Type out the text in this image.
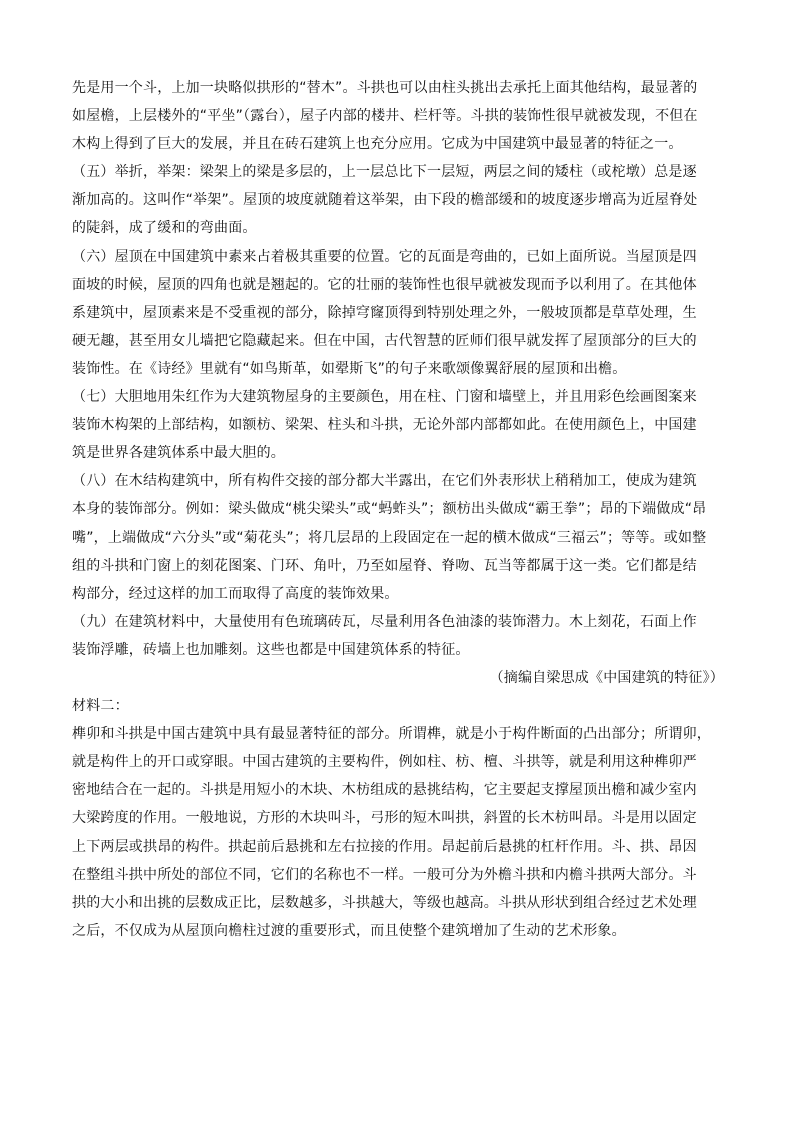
先是用一个斗，上加一块略似拱形的“替木”。斗拱也可以由柱头挑出去承托上面其他结构，最显著的
如屋檐，上层楼外的“平坐”（露台），屋子内部的楼井、栏杆等。斗拱的装饰性很早就被发现，不但在
木构上得到了巨大的发展，并且在砖石建筑上也充分应用。它成为中国建筑中最显著的特征之一。
（五）举折，举架：梁架上的梁是多层的，上一层总比下一层短，两层之间的矮柱（或柁墩）总是逐
渐加高的。这叫作“举架”。屋顶的坡度就随着这举架，由下段的檐部缓和的坡度逐步增高为近屋脊处
的陡斜，成了缓和的弯曲面。
（六）屋顶在中国建筑中素来占着极其重要的位置。它的瓦面是弯曲的，已如上面所说。当屋顶是四
面坡的时候，屋顶的四角也就是翘起的。它的壮丽的装饰性也很早就被发现而予以利用了。在其他体
系建筑中，屋顶素来是不受重视的部分，除掉穹窿顶得到特别处理之外，一般坡顶都是草草处理，生
硬无趣，甚至用女儿墙把它隐藏起来。但在中国，古代智慧的匠师们很早就发挥了屋顶部分的巨大的
装饰性。在《诗经》里就有“如鸟斯革，如翚斯飞”的句子来歌颂像翼舒展的屋顶和出檐。
（七）大胆地用朱红作为大建筑物屋身的主要颜色，用在柱、门窗和墙壁上，并且用彩色绘画图案来
装饰木构架的上部结构，如额枋、梁架、柱头和斗拱，无论外部内部都如此。在使用颜色上，中国建
筑是世界各建筑体系中最大胆的。
（八）在木结构建筑中，所有构件交接的部分都大半露出，在它们外表形状上稍稍加工，使成为建筑
本身的装饰部分。例如：梁头做成“桃尖梁头”或“蚂蚱头”；额枋出头做成“霸王拳”；昂的下端做成“昂
嘴”，上端做成“六分头”或“菊花头”；将几层昂的上段固定在一起的横木做成“三福云”；等等。或如整
组的斗拱和门窗上的刻花图案、门环、角叶，乃至如屋脊、脊吻、瓦当等都属于这一类。它们都是结
构部分，经过这样的加工而取得了高度的装饰效果。
（九）在建筑材料中，大量使用有色琉璃砖瓦，尽量利用各色油漆的装饰潜力。木上刻花，石面上作
装饰浮雕，砖墙上也加雕刻。这些也都是中国建筑体系的特征。
（摘编自梁思成《中国建筑的特征》）
材料二：
榫卯和斗拱是中国古建筑中具有最显著特征的部分。所谓榫，就是小于构件断面的凸出部分；所谓卯，
就是构件上的开口或穿眼。中国古建筑的主要构件，例如柱、枋、檀、斗拱等，就是利用这种榫卯严
密地结合在一起的。斗拱是用短小的木块、木枋组成的悬挑结构，它主要起支撑屋顶出檐和减少室内
大梁跨度的作用。一般地说，方形的木块叫斗，弓形的短木叫拱，斜置的长木枋叫昂。斗是用以固定
上下两层或拱昂的构件。拱起前后悬挑和左右拉接的作用。昂起前后悬挑的杠杆作用。斗、拱、昂因
在整组斗拱中所处的部位不同，它们的名称也不一样。一般可分为外檐斗拱和内檐斗拱两大部分。斗
拱的大小和出挑的层数成正比，层数越多，斗拱越大，等级也越高。斗拱从形状到组合经过艺术处理
之后，不仅成为从屋顶向檐柱过渡的重要形式，而且使整个建筑增加了生动的艺术形象。
